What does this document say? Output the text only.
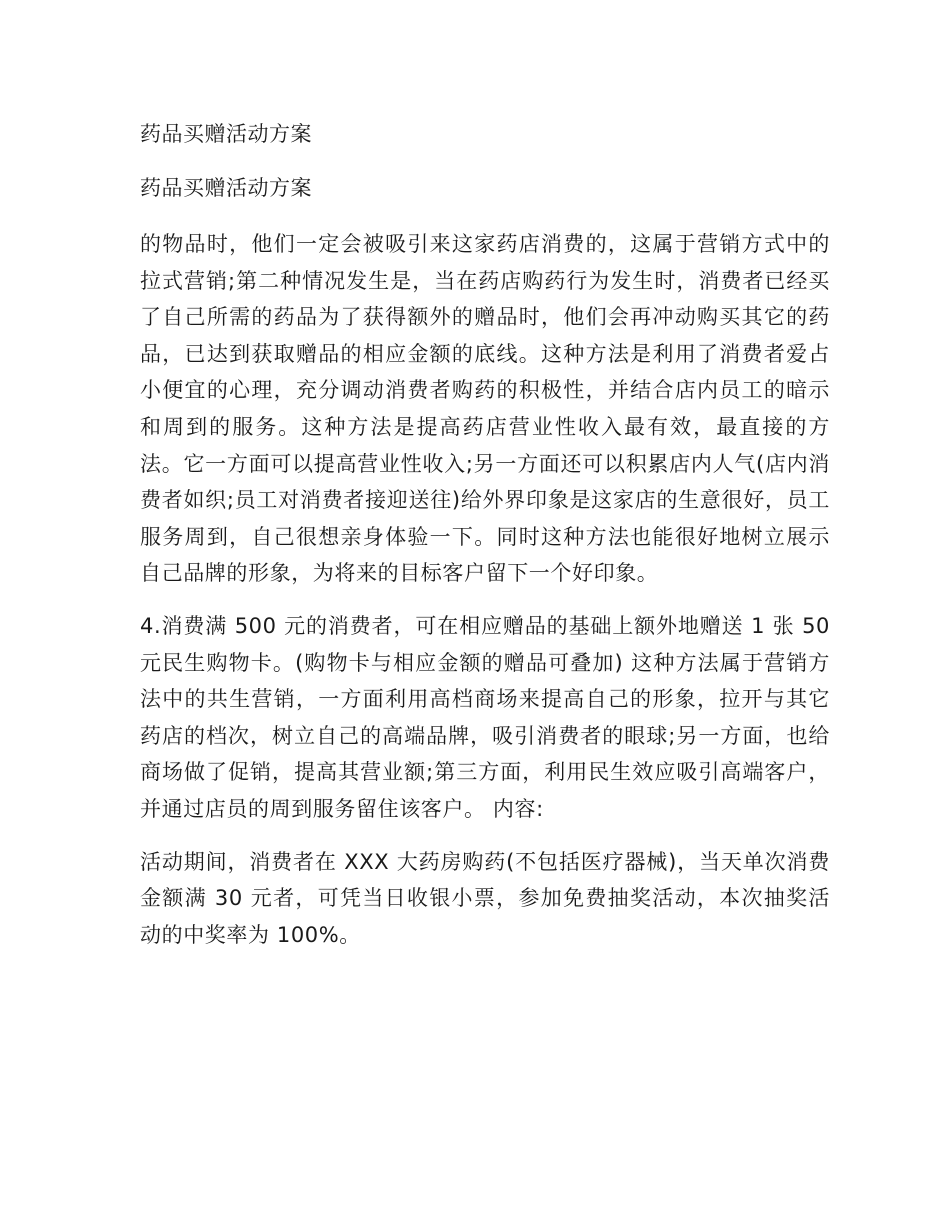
药品买赠活动方案
药品买赠活动方案
的物品时，他们一定会被吸引来这家药店消费的，这属于营销方式中的拉式营销;第二种情况发生是，当在药店购药行为发生时，消费者已经买了自己所需的药品为了获得额外的赠品时，他们会再冲动购买其它的药品，已达到获取赠品的相应金额的底线。这种方法是利用了消费者爱占小便宜的心理，充分调动消费者购药的积极性，并结合店内员工的暗示和周到的服务。这种方法是提高药店营业性收入最有效，最直接的方法。它一方面可以提高营业性收入;另一方面还可以积累店内人气(店内消费者如织;员工对消费者接迎送往)给外界印象是这家店的生意很好，员工服务周到，自己很想亲身体验一下。同时这种方法也能很好地树立展示自己品牌的形象，为将来的目标客户留下一个好印象。
4.消费满 500 元的消费者，可在相应赠品的基础上额外地赠送 1 张 50 元民生购物卡。(购物卡与相应金额的赠品可叠加) 这种方法属于营销方法中的共生营销，一方面利用高档商场来提高自己的形象，拉开与其它药店的档次，树立自己的高端品牌，吸引消费者的眼球;另一方面，也给商场做了促销，提高其营业额;第三方面，利用民生效应吸引高端客户，并通过店员的周到服务留住该客户。 内容:
活动期间，消费者在 XXX 大药房购药(不包括医疗器械)，当天单次消费金额满 30 元者，可凭当日收银小票，参加免费抽奖活动，本次抽奖活动的中奖率为 100%。
